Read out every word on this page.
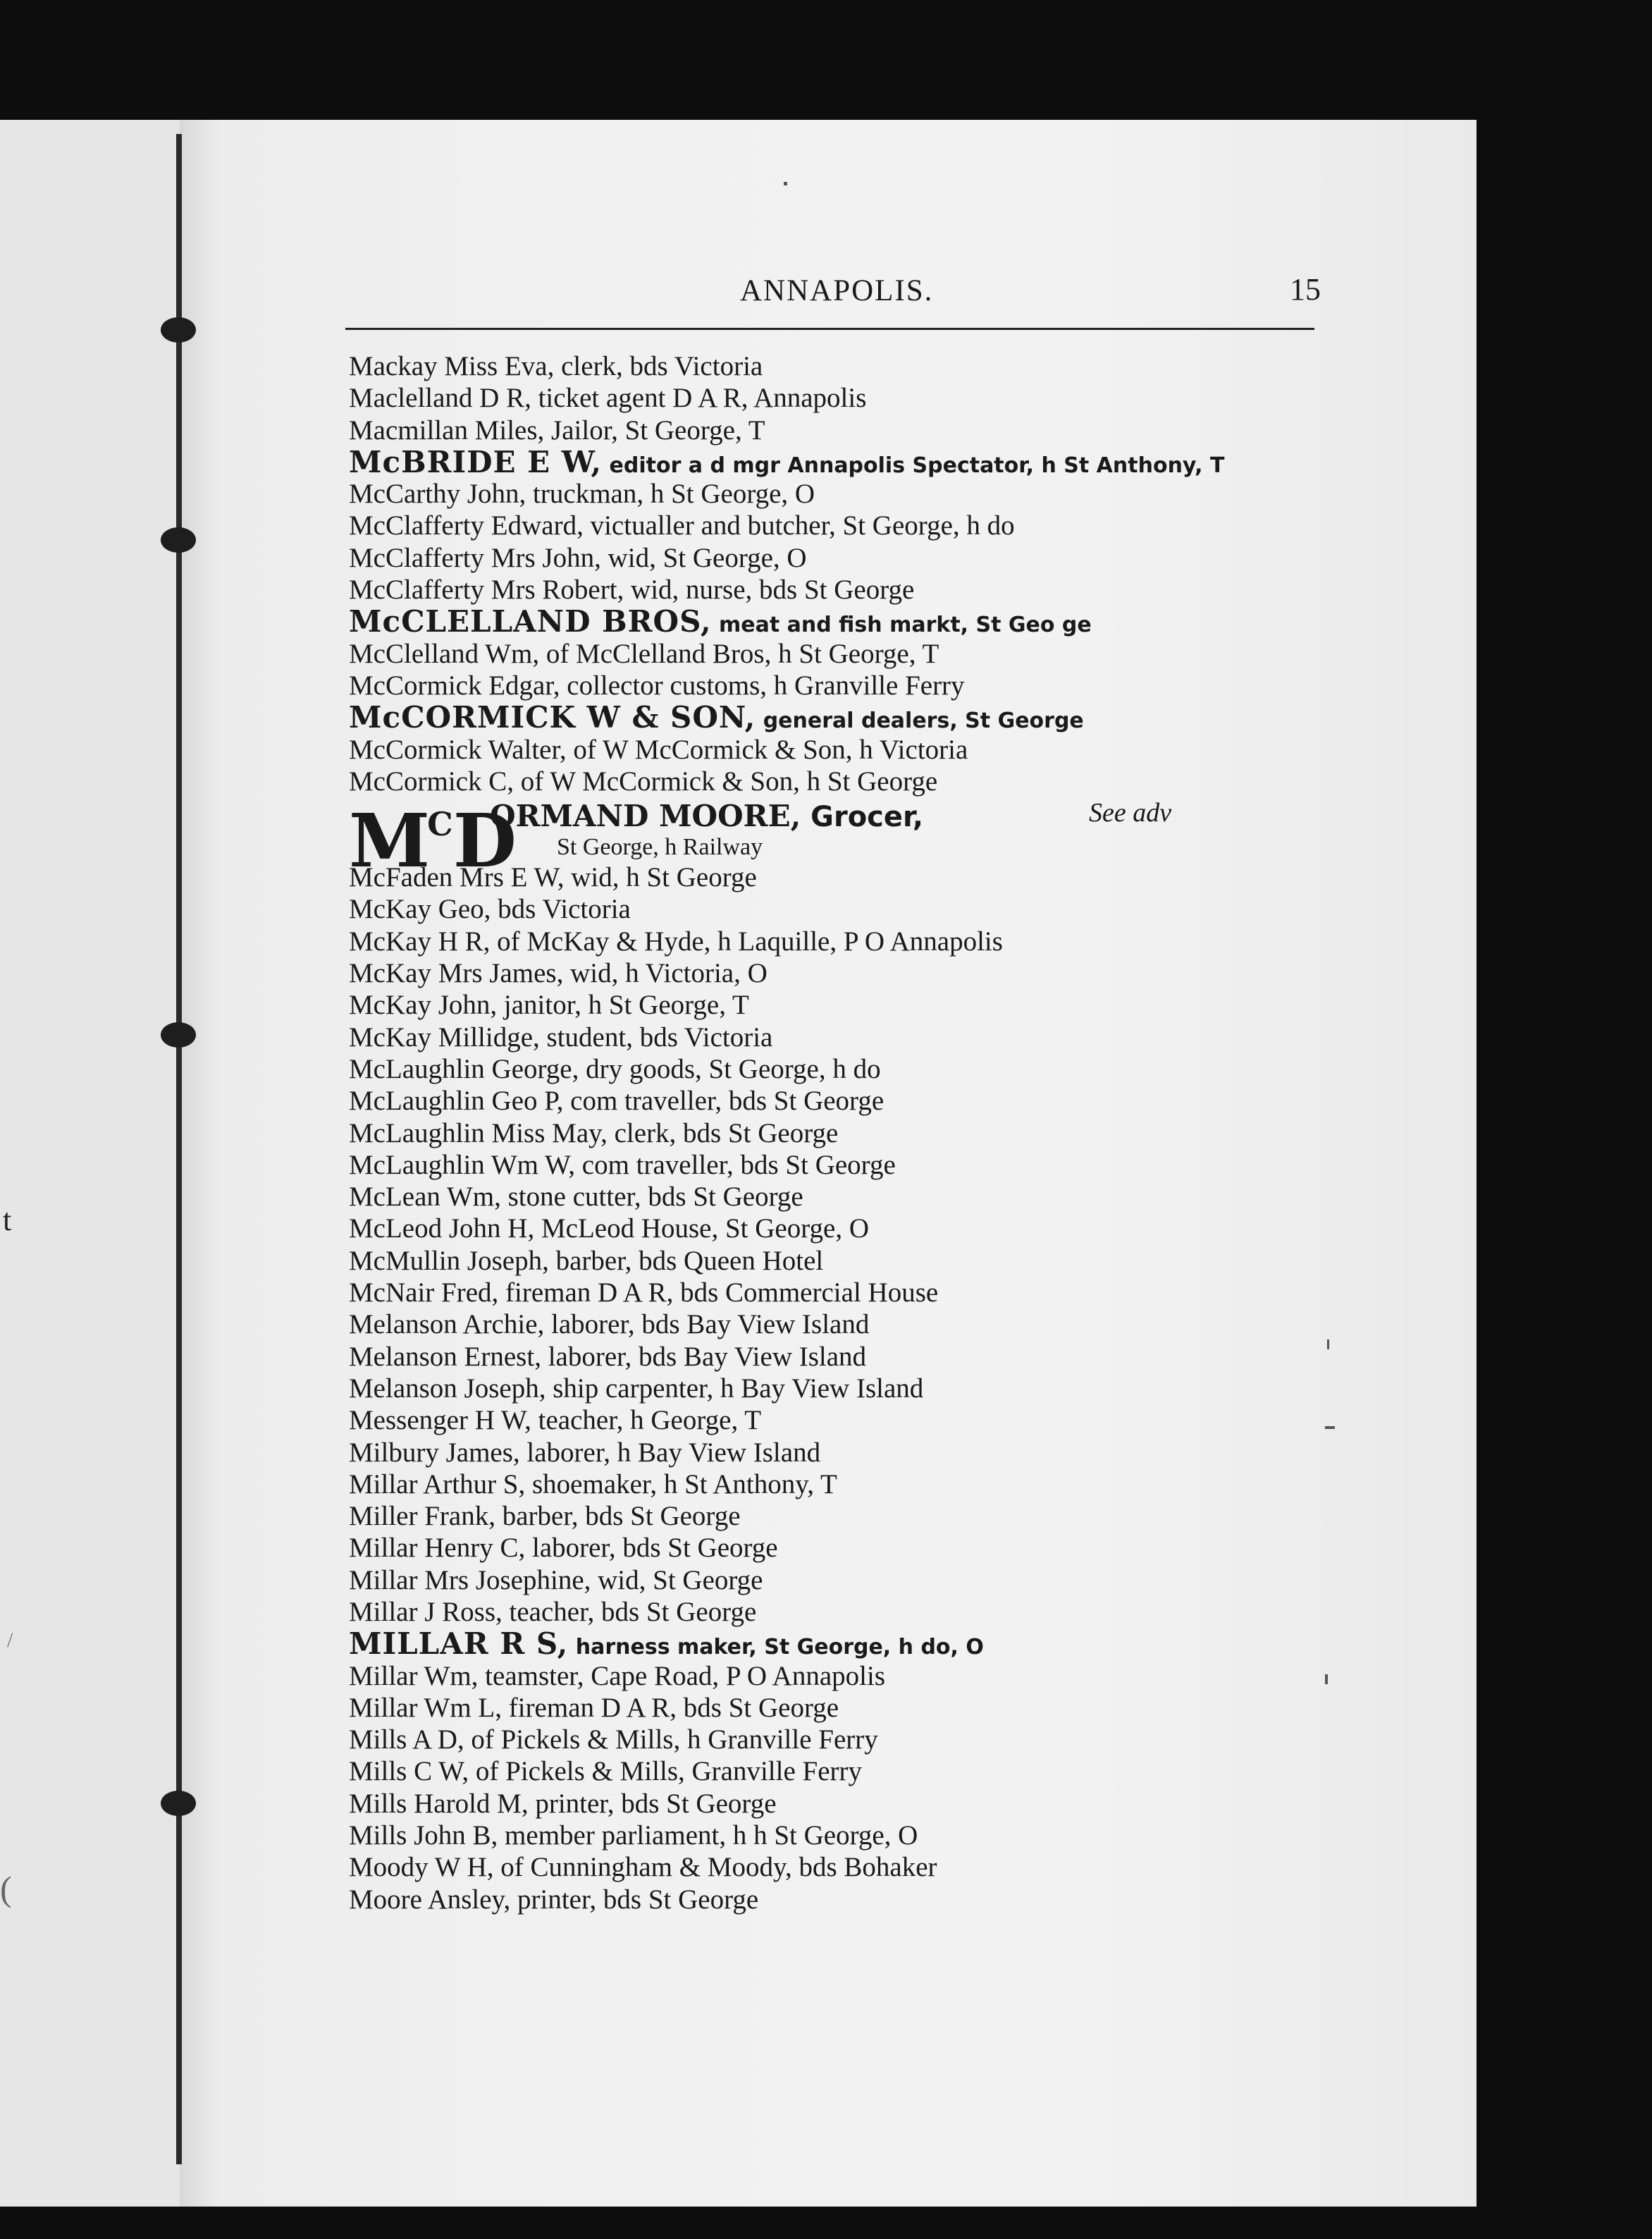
t
/
(
ANNAPOLIS.	15
Mackay Miss Eva, clerk, bds Victoria
Maclelland D R, ticket agent D A R, Annapolis
Macmillan Miles, Jailor, St George, T
McBRIDE E W, editor a d mgr Annapolis Spectator, h St Anthony, T
McCarthy John, truckman, h St George, O
McClafferty Edward, victualler and butcher, St George, h do
McClafferty Mrs John, wid, St George, O
McClafferty Mrs Robert, wid, nurse, bds St George
McCLELLAND BROS, meat and fish markt, St Geo ge
McClelland Wm, of McClelland Bros, h St George, T
McCormick Edgar, collector customs, h Granville Ferry
McCORMICK W & SON, general dealers, St George
McCormick Walter, of W McCormick & Son, h Victoria
McCormick C, of W McCormick & Son, h St George
$M^CD$
ORMAND MOORE, Grocer,
St George, h Railway
See adv
McFaden Mrs E W, wid, h St George
McKay Geo, bds Victoria
McKay H R, of McKay & Hyde, h Laquille, P O Annapolis
McKay Mrs James, wid, h Victoria, O
McKay John, janitor, h St George, T
McKay Millidge, student, bds Victoria
McLaughlin George, dry goods, St George, h do
McLaughlin Geo P, com traveller, bds St George
McLaughlin Miss May, clerk, bds St George
McLaughlin Wm W, com traveller, bds St George
McLean Wm, stone cutter, bds St George
McLeod John H, McLeod House, St George, O
McMullin Joseph, barber, bds Queen Hotel
McNair Fred, fireman D A R, bds Commercial House
Melanson Archie, laborer, bds Bay View Island
Melanson Ernest, laborer, bds Bay View Island
Melanson Joseph, ship carpenter, h Bay View Island
Messenger H W, teacher, h George, T
Milbury James, laborer, h Bay View Island
Millar Arthur S, shoemaker, h St Anthony, T
Miller Frank, barber, bds St George
Millar Henry C, laborer, bds St George
Millar Mrs Josephine, wid, St George
Millar J Ross, teacher, bds St George
MILLAR R S, harness maker, St George, h do, O
Millar Wm, teamster, Cape Road, P O Annapolis
Millar Wm L, fireman D A R, bds St George
Mills A D, of Pickels & Mills, h Granville Ferry
Mills C W, of Pickels & Mills, Granville Ferry
Mills Harold M, printer, bds St George
Mills John B, member parliament, h h St George, O
Moody W H, of Cunningham & Moody, bds Bohaker
Moore Ansley, printer, bds St George
